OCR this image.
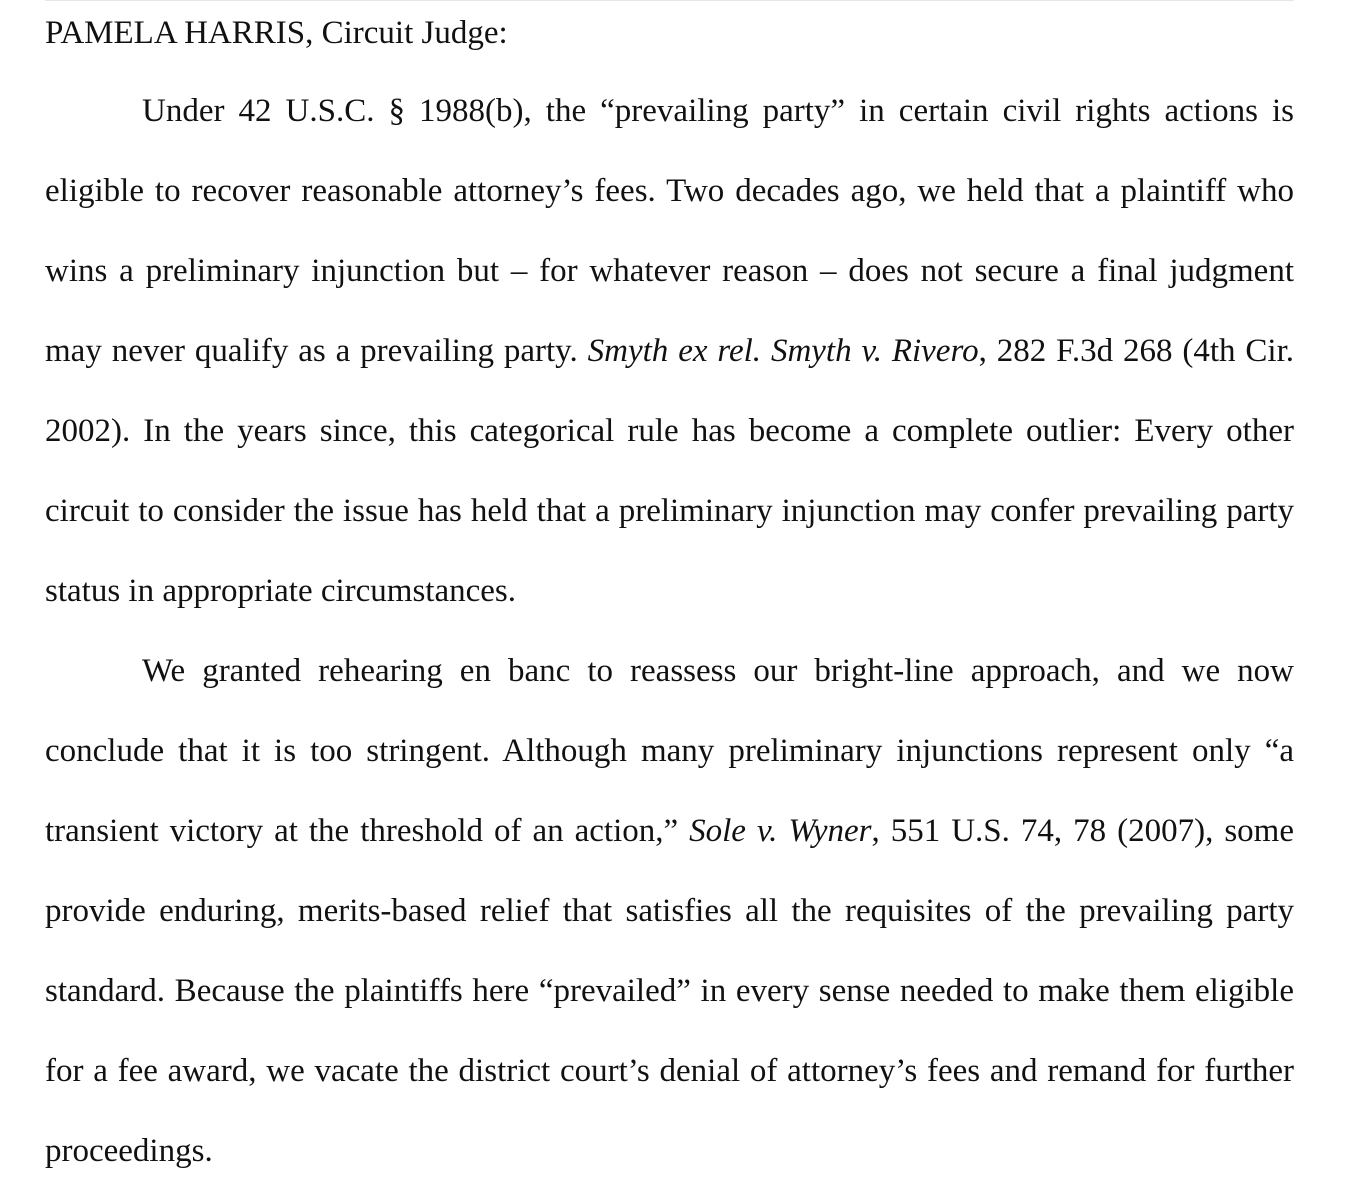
PAMELA HARRIS, Circuit Judge:

Under 42 U.S.C. § 1988(b), the “prevailing party” in certain civil rights actions is eligible to recover reasonable attorney’s fees. Two decades ago, we held that a plaintiff who wins a preliminary injunction but – for whatever reason – does not secure a final judgment may never qualify as a prevailing party. Smyth ex rel. Smyth v. Rivero, 282 F.3d 268 (4th Cir. 2002). In the years since, this categorical rule has become a complete outlier: Every other circuit to consider the issue has held that a preliminary injunction may confer prevailing party status in appropriate circumstances.

We granted rehearing en banc to reassess our bright-line approach, and we now conclude that it is too stringent. Although many preliminary injunctions represent only “a transient victory at the threshold of an action,” Sole v. Wyner, 551 U.S. 74, 78 (2007), some provide enduring, merits-based relief that satisfies all the requisites of the prevailing party standard. Because the plaintiffs here “prevailed” in every sense needed to make them eligible for a fee award, we vacate the district court’s denial of attorney’s fees and remand for further proceedings.
